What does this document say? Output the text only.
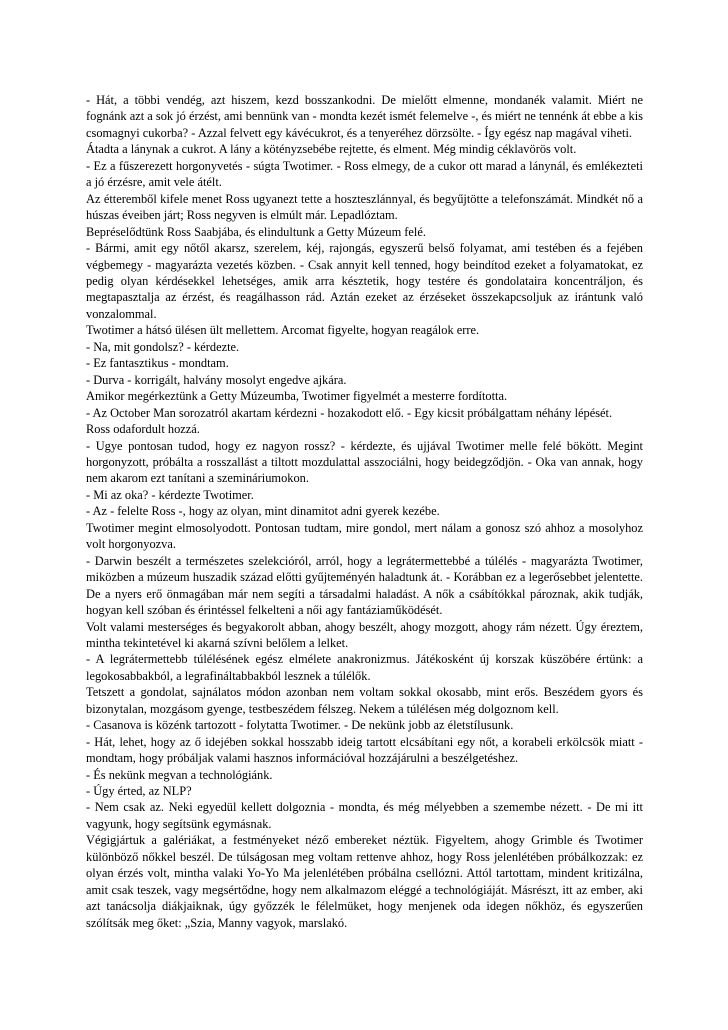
- Hát, a többi vendég, azt hiszem, kezd bosszankodni. De mielőtt elmenne, mondanék valamit. Miért ne fognánk azt a sok jó érzést, ami bennünk van - mondta kezét ismét felemelve -, és miért ne tennénk át ebbe a kis csomagnyi cukorba? - Azzal felvett egy kávécukrot, és a tenyeréhez dörzsölte. - Így egész nap magával viheti.

Átadta a lánynak a cukrot. A lány a kötényzsebébe rejtette, és elment. Még mindig céklavörös volt.

- Ez a fűszerezett horgonyvetés - súgta Twotimer. - Ross elmegy, de a cukor ott marad a lánynál, és emlékezteti a jó érzésre, amit vele átélt.

Az étteremből kifele menet Ross ugyanezt tette a hoszteszlánnyal, és begyűjtötte a telefonszámát. Mindkét nő a húszas éveiben járt; Ross negyven is elmúlt már. Lepadlóztam.

Bepréselődtünk Ross Saabjába, és elindultunk a Getty Múzeum felé.

- Bármi, amit egy nőtől akarsz, szerelem, kéj, rajongás, egyszerű belső folyamat, ami testében és a fejében végbemegy - magyarázta vezetés közben. - Csak annyit kell tenned, hogy beindítod ezeket a folyamatokat, ez pedig olyan kérdésekkel lehetséges, amik arra késztetik, hogy testére és gondolataira koncentráljon, és megtapasztalja az érzést, és reagálhasson rád. Aztán ezeket az érzéseket összekapcsoljuk az irántunk való vonzalommal.

Twotimer a hátsó ülésen ült mellettem. Arcomat figyelte, hogyan reagálok erre.

- Na, mit gondolsz? - kérdezte.

- Ez fantasztikus - mondtam.

- Durva - korrigált, halvány mosolyt engedve ajkára.

Amikor megérkeztünk a Getty Múzeumba, Twotimer figyelmét a mesterre fordította.

- Az October Man sorozatról akartam kérdezni - hozakodott elő. - Egy kicsit próbálgattam néhány lépését.

Ross odafordult hozzá.

- Ugye pontosan tudod, hogy ez nagyon rossz? - kérdezte, és ujjával Twotimer melle felé bökött. Megint horgonyzott, próbálta a rosszallást a tiltott mozdulattal asszociálni, hogy beidegződjön. - Oka van annak, hogy nem akarom ezt tanítani a szemináriumokon.

- Mi az oka? - kérdezte Twotimer.

- Az - felelte Ross -, hogy az olyan, mint dinamitot adni gyerek kezébe.

Twotimer megint elmosolyodott. Pontosan tudtam, mire gondol, mert nálam a gonosz szó ahhoz a mosolyhoz volt horgonyozva.

- Darwin beszélt a természetes szelekcióról, arról, hogy a legrátermettebbé a túlélés - magyarázta Twotimer, miközben a múzeum huszadik század előtti gyűjteményén haladtunk át. - Korábban ez a legerősebbet jelentette. De a nyers erő önmagában már nem segíti a társadalmi haladást. A nők a csábítókkal pároznak, akik tudják, hogyan kell szóban és érintéssel felkelteni a női agy fantáziaműködését.

Volt valami mesterséges és begyakorolt abban, ahogy beszélt, ahogy mozgott, ahogy rám nézett. Úgy éreztem, mintha tekintetével ki akarná szívni belőlem a lelket.

- A legrátermettebb túlélésének egész elmélete anakronizmus. Játékosként új korszak küszöbére értünk: a legokosabbakból, a legrafináltabbakból lesznek a túlélők.

Tetszett a gondolat, sajnálatos módon azonban nem voltam sokkal okosabb, mint erős. Beszédem gyors és bizonytalan, mozgásom gyenge, testbeszédem félszeg. Nekem a túlélésen még dolgoznom kell.

- Casanova is közénk tartozott - folytatta Twotimer. - De nekünk jobb az életstílusunk.

- Hát, lehet, hogy az ő idejében sokkal hosszabb ideig tartott elcsábítani egy nőt, a korabeli erkölcsök miatt - mondtam, hogy próbáljak valami hasznos információval hozzájárulni a beszélgetéshez.

- És nekünk megvan a technológiánk.

- Úgy érted, az NLP?

- Nem csak az. Neki egyedül kellett dolgoznia - mondta, és még mélyebben a szemembe nézett. - De mi itt vagyunk, hogy segítsünk egymásnak.

Végigjártuk a galériákat, a festményeket néző embereket néztük. Figyeltem, ahogy Grimble és Twotimer különböző nőkkel beszél. De túlságosan meg voltam rettenve ahhoz, hogy Ross jelenlétében próbálkozzak: ez olyan érzés volt, mintha valaki Yo-Yo Ma jelenlétében próbálna csellózni. Attól tartottam, mindent kritizálna, amit csak teszek, vagy megsértődne, hogy nem alkalmazom eléggé a technológiáját. Másrészt, itt az ember, aki azt tanácsolja diákjaiknak, úgy győzzék le félelmüket, hogy menjenek oda idegen nőkhöz, és egyszerűen szólítsák meg őket: „Szia, Manny vagyok, marslakó.
